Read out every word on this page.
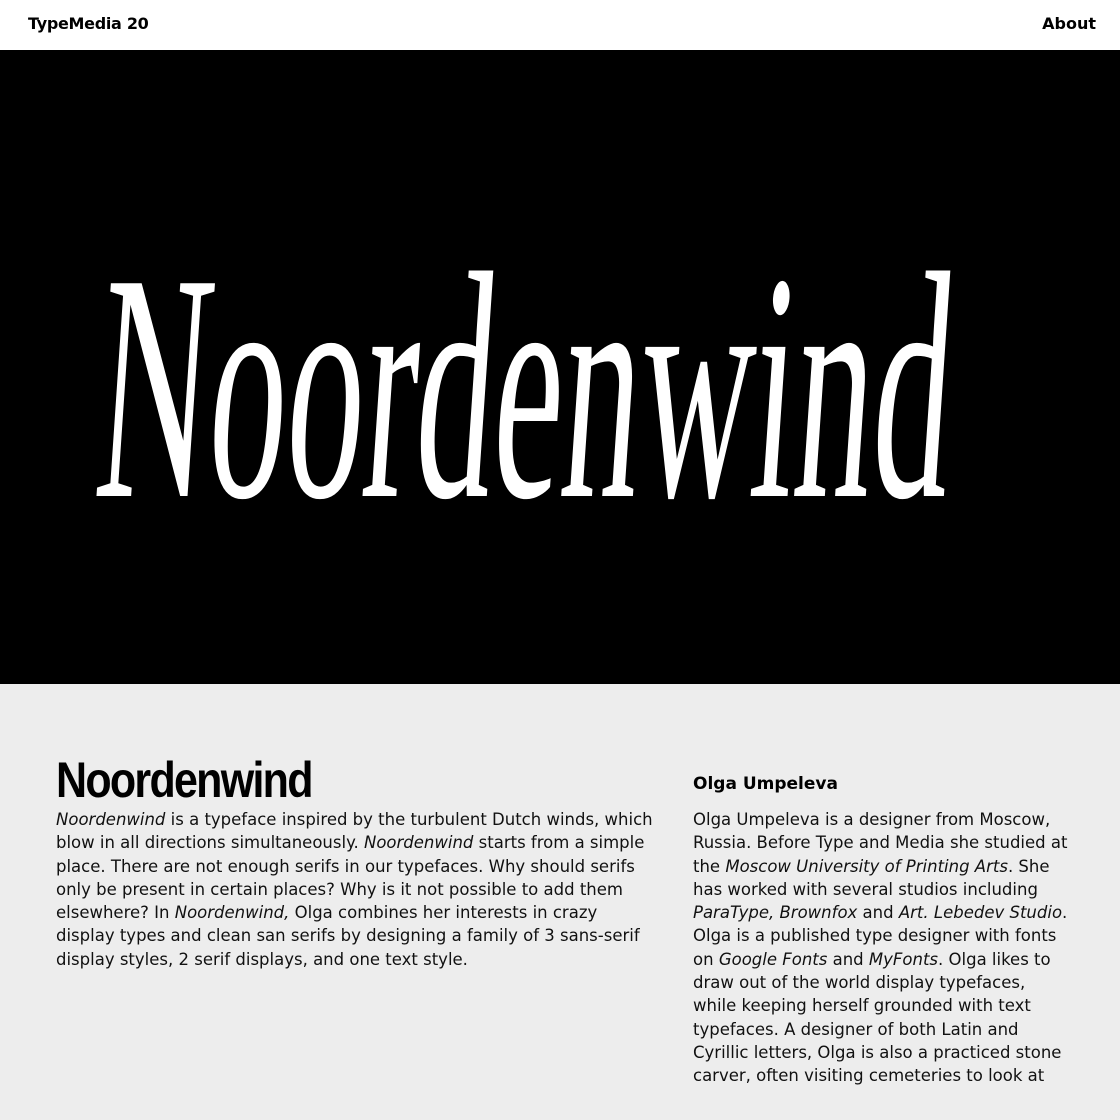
TypeMedia 20	About
Noordenwind
Noordenwind

Noordenwind is a typeface inspired by the turbulent Dutch winds, which blow in all directions simultaneously. Noordenwind starts from a simple place. There are not enough serifs in our typefaces. Why should serifs only be present in certain places? Why is it not possible to add them elsewhere? In Noordenwind, Olga combines her interests in crazy display types and clean san serifs by designing a family of 3 sans-serif display styles, 2 serif displays, and one text style.

Olga Umpeleva

Olga Umpeleva is a designer from Moscow, Russia. Before Type and Media she studied at the Moscow University of Printing Arts. She has worked with several studios including ParaType, Brownfox and Art. Lebedev Studio. Olga is a published type designer with fonts on Google Fonts and MyFonts. Olga likes to draw out of the world display typefaces, while keeping herself grounded with text typefaces. A designer of both Latin and Cyrillic letters, Olga is also a practiced stone carver, often visiting cemeteries to look at
